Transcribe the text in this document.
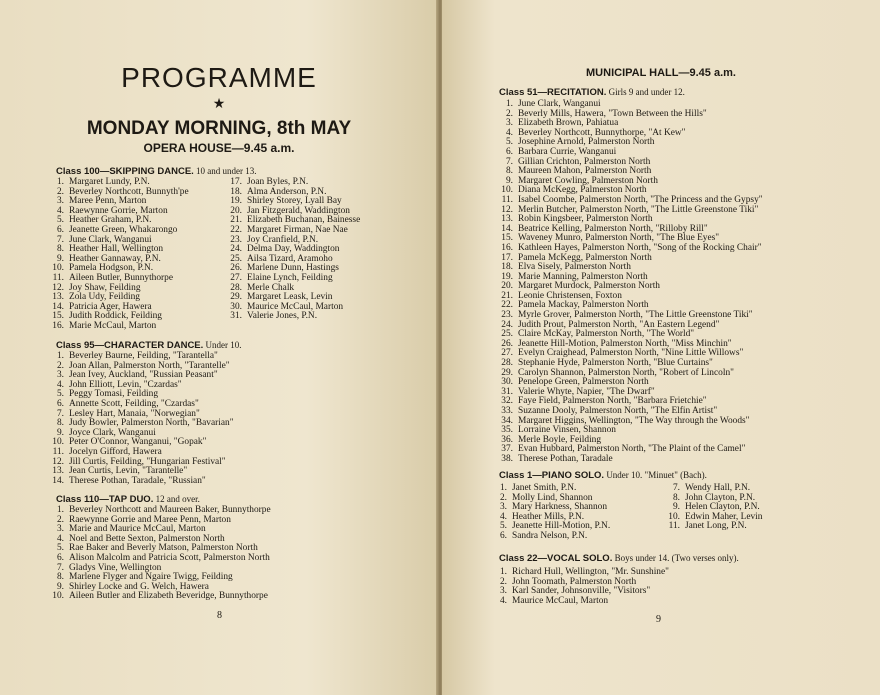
PROGRAMME
★
MONDAY MORNING, 8th MAY
OPERA HOUSE—9.45 a.m.
Class 100—SKIPPING DANCE. 10 and under 13.
1. Margaret Lundy, P.N.
2. Beverley Northcott, Bunnyth'pe
3. Maree Penn, Marton
4. Raewynne Gorrie, Marton
5. Heather Graham, P.N.
6. Jeanette Green, Whakarongo
7. June Clark, Wanganui
8. Heather Hall, Wellington
9. Heather Gannaway, P.N.
10. Pamela Hodgson, P.N.
11. Aileen Butler, Bunnythorpe
12. Joy Shaw, Feilding
13. Zola Udy, Feilding
14. Patricia Ager, Hawera
15. Judith Roddick, Feilding
16. Marie McCaul, Marton
17. Joan Byles, P.N.
18. Alma Anderson, P.N.
19. Shirley Storey, Lyall Bay
20. Jan Fitzgerald, Waddington
21. Elizabeth Buchanan, Bainesse
22. Margaret Firman, Nae Nae
23. Joy Cranfield, P.N.
24. Delma Day, Waddington
25. Ailsa Tizard, Aramoho
26. Marlene Dunn, Hastings
27. Elaine Lynch, Feilding
28. Merle Chalk
29. Margaret Leask, Levin
30. Maurice McCaul, Marton
31. Valerie Jones, P.N.
Class 95—CHARACTER DANCE. Under 10.
1. Beverley Baurne, Feilding, "Tarantella"
2. Joan Allan, Palmerston North, "Tarantelle"
3. Jean Ivey, Auckland, "Russian Peasant"
4. John Elliott, Levin, "Czardas"
5. Peggy Tomasi, Feilding
6. Annette Scott, Feilding, "Czardas"
7. Lesley Hart, Manaia, "Norwegian"
8. Judy Bowler, Palmerston North, "Bavarian"
9. Joyce Clark, Wanganui
10. Peter O'Connor, Wanganui, "Gopak"
11. Jocelyn Gifford, Hawera
12. Jill Curtis, Feilding, "Hungarian Festival"
13. Jean Curtis, Levin, "Tarantelle"
14. Therese Pothan, Taradale, "Russian"
Class 110—TAP DUO. 12 and over.
1. Beverley Northcott and Maureen Baker, Bunnythorpe
2. Raewynne Gorrie and Maree Penn, Marton
3. Marie and Maurice McCaul, Marton
4. Noel and Bette Sexton, Palmerston North
5. Rae Baker and Beverly Matson, Palmerston North
6. Alison Malcolm and Patricia Scott, Palmerston North
7. Gladys Vine, Wellington
8. Marlene Flyger and Ngaire Twigg, Feilding
9. Shirley Locke and G. Welch, Hawera
10. Aileen Butler and Elizabeth Beveridge, Bunnythorpe
8
MUNICIPAL HALL—9.45 a.m.
Class 51—RECITATION. Girls 9 and under 12.
1. June Clark, Wanganui
2. Beverly Mills, Hawera, "Town Between the Hills"
3. Elizabeth Brown, Pahiatua
4. Beverley Northcott, Bunnythorpe, "At Kew"
5. Josephine Arnold, Palmerston North
6. Barbara Currie, Wanganui
7. Gillian Crichton, Palmerston North
8. Maureen Mahon, Palmerston North
9. Margaret Cowling, Palmerston North
10. Diana McKegg, Palmerston North
11. Isabel Coombe, Palmerston North, "The Princess and the Gypsy"
12. Merlin Butcher, Palmerston North, "The Little Greenstone Tiki"
13. Robin Kingsbeer, Palmerston North
14. Beatrice Kelling, Palmerston North, "Rilloby Rill"
15. Waveney Munro, Palmerston North, "The Blue Eyes"
16. Kathleen Hayes, Palmerston North, "Song of the Rocking Chair"
17. Pamela McKegg, Palmerston North
18. Elva Sisely, Palmerston North
19. Marie Manning, Palmerston North
20. Margaret Murdock, Palmerston North
21. Leonie Christensen, Foxton
22. Pamela Mackay, Palmerston North
23. Myrle Grover, Palmerston North, "The Little Greenstone Tiki"
24. Judith Prout, Palmerston North, "An Eastern Legend"
25. Claire McKay, Palmerston North, "The World"
26. Jeanette Hill-Motion, Palmerston North, "Miss Minchin"
27. Evelyn Craighead, Palmerston North, "Nine Little Willows"
28. Stephanie Hyde, Palmerston North, "Blue Curtains"
29. Carolyn Shannon, Palmerston North, "Robert of Lincoln"
30. Penelope Green, Palmerston North
31. Valerie Whyte, Napier, "The Dwarf"
32. Faye Field, Palmerston North, "Barbara Frietchie"
33. Suzanne Dooly, Palmerston North, "The Elfin Artist"
34. Margaret Higgins, Wellington, "The Way through the Woods"
35. Lorraine Vinsen, Shannon
36. Merle Boyle, Feilding
37. Evan Hubbard, Palmerston North, "The Plaint of the Camel"
38. Therese Pothan, Taradale
Class 1—PIANO SOLO. Under 10. "Minuet" (Bach).
1. Janet Smith, P.N.
2. Molly Lind, Shannon
3. Mary Harkness, Shannon
4. Heather Mills, P.N.
5. Jeanette Hill-Motion, P.N.
6. Sandra Nelson, P.N.
7. Wendy Hall, P.N.
8. John Clayton, P.N.
9. Helen Clayton, P.N.
10. Edwin Maher, Levin
11. Janet Long, P.N.
Class 22—VOCAL SOLO. Boys under 14. (Two verses only).
1. Richard Hull, Wellington, "Mr. Sunshine"
2. John Toomath, Palmerston North
3. Karl Sander, Johnsonville, "Visitors"
4. Maurice McCaul, Marton
9
